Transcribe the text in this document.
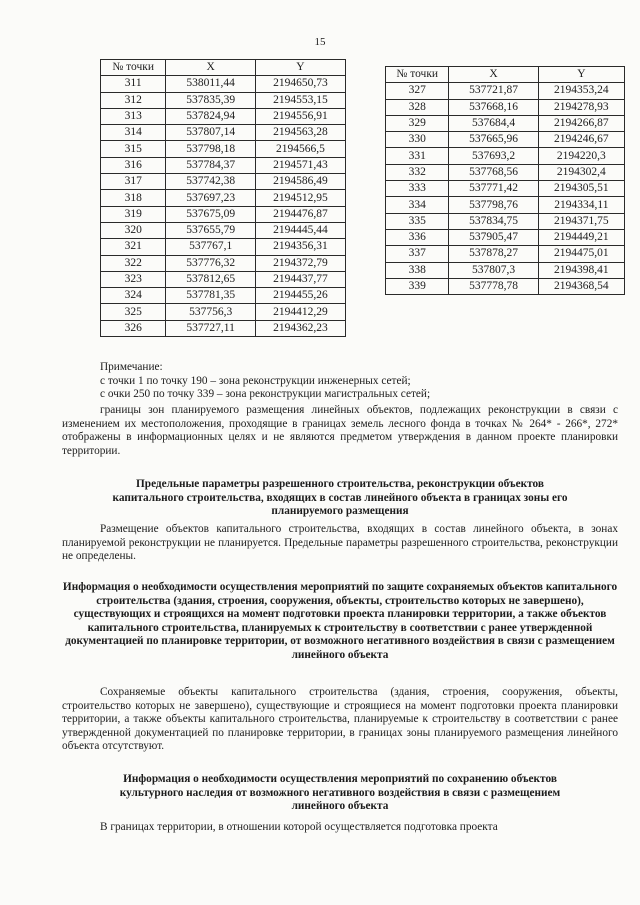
15
№ точки	X	Y
311	538011,44	2194650,73
312	537835,39	2194553,15
313	537824,94	2194556,91
314	537807,14	2194563,28
315	537798,18	2194566,5
316	537784,37	2194571,43
317	537742,38	2194586,49
318	537697,23	2194512,95
319	537675,09	2194476,87
320	537655,79	2194445,44
321	537767,1	2194356,31
322	537776,32	2194372,79
323	537812,65	2194437,77
324	537781,35	2194455,26
325	537756,3	2194412,29
326	537727,11	2194362,23
№ точки	X	Y
327	537721,87	2194353,24
328	537668,16	2194278,93
329	537684,4	2194266,87
330	537665,96	2194246,67
331	537693,2	2194220,3
332	537768,56	2194302,4
333	537771,42	2194305,51
334	537798,76	2194334,11
335	537834,75	2194371,75
336	537905,47	2194449,21
337	537878,27	2194475,01
338	537807,3	2194398,41
339	537778,78	2194368,54
Примечание:
с точки 1 по точку 190 – зона реконструкции инженерных сетей;
с очки 250 по точку 339 – зона реконструкции магистральных сетей;
границы зон планируемого размещения линейных объектов, подлежащих реконструкции в связи с изменением их местоположения, проходящие в границах земель лесного фонда в точках № 264* - 266*, 272* отображены в информационных целях и не являются предметом утверждения в данном проекте планировки территории.
Предельные параметры разрешенного строительства, реконструкции объектов капитального строительства, входящих в состав линейного объекта в границах зоны его планируемого размещения
Размещение объектов капитального строительства, входящих в состав линейного объекта, в зонах планируемой реконструкции не планируется. Предельные параметры разрешенного строительства, реконструкции не определены.
Информация о необходимости осуществления мероприятий по защите сохраняемых объектов капитального строительства (здания, строения, сооружения, объекты, строительство которых не завершено), существующих и строящихся на момент подготовки проекта планировки территории, а также объектов капитального строительства, планируемых к строительству в соответствии с ранее утвержденной документацией по планировке территории, от возможного негативного воздействия в связи с размещением линейного объекта
Сохраняемые объекты капитального строительства (здания, строения, сооружения, объекты, строительство которых не завершено), существующие и строящиеся на момент подготовки проекта планировки территории, а также объекты капитального строительства, планируемые к строительству в соответствии с ранее утвержденной документацией по планировке территории, в границах зоны планируемого размещения линейного объекта отсутствуют.
Информация о необходимости осуществления мероприятий по сохранению объектов культурного наследия от возможного негативного воздействия в связи с размещением линейного объекта
В границах территории, в отношении которой осуществляется подготовка проекта
